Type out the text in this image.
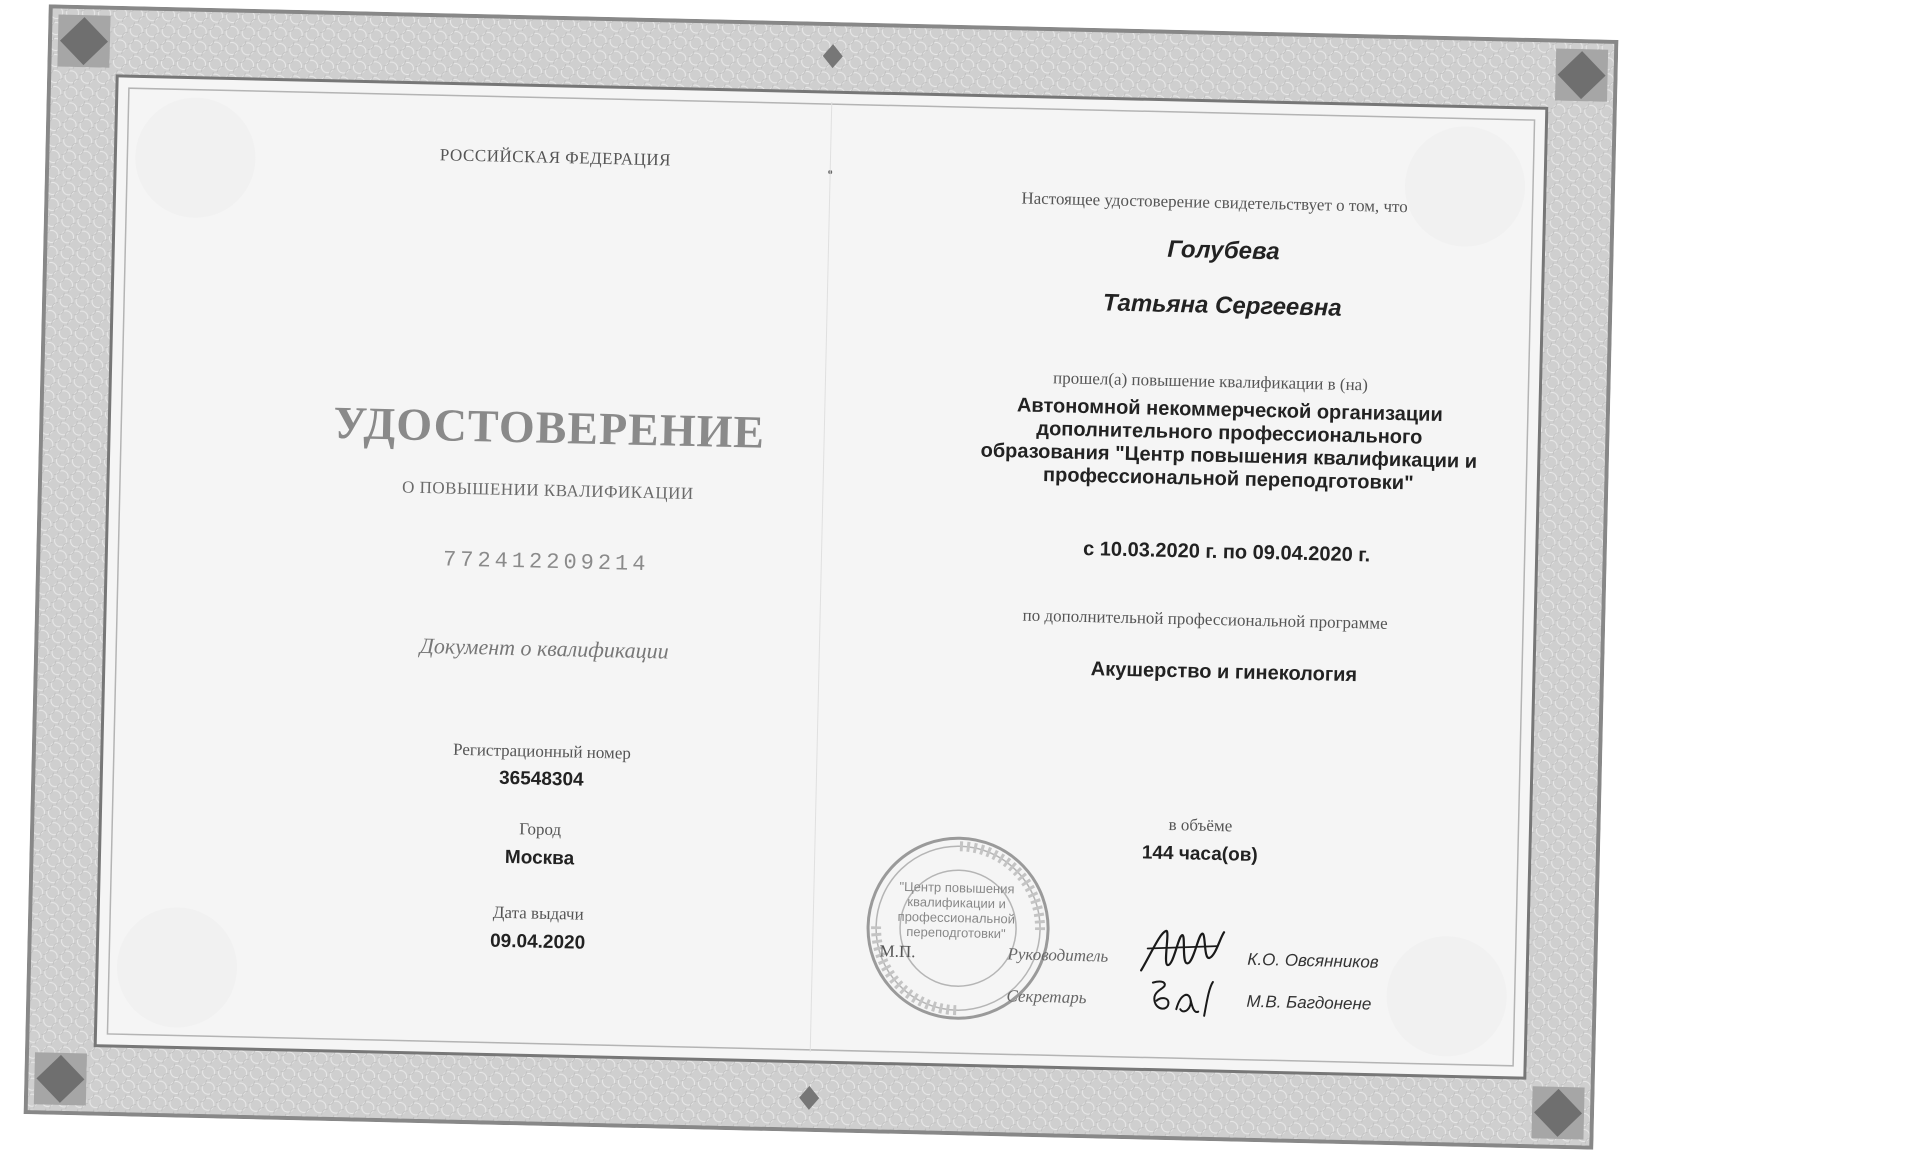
РОССИЙСКАЯ ФЕДЕРАЦИЯ
УДОСТОВЕРЕНИЕ
О ПОВЫШЕНИИ КВАЛИФИКАЦИИ
772412209214
Документ о квалификации
Регистрационный номер
36548304
Город
Москва
Дата выдачи
09.04.2020
Настоящее удостоверение свидетельствует о том, что
Голубева
Татьяна Сергеевна
прошел(а) повышение квалификации в (на)
Автономной некоммерческой организации дополнительного профессионального образования "Центр повышения квалификации и профессиональной переподготовки"
с 10.03.2020 г. по 09.04.2020 г.
по дополнительной профессиональной программе
Акушерство и гинекология
в объёме
144 часа(ов)
"Центр повышения квалификации и профессиональной переподготовки"
М.П.	Руководитель
Секретарь
К.О. Овсянников
М.В. Багдонене
